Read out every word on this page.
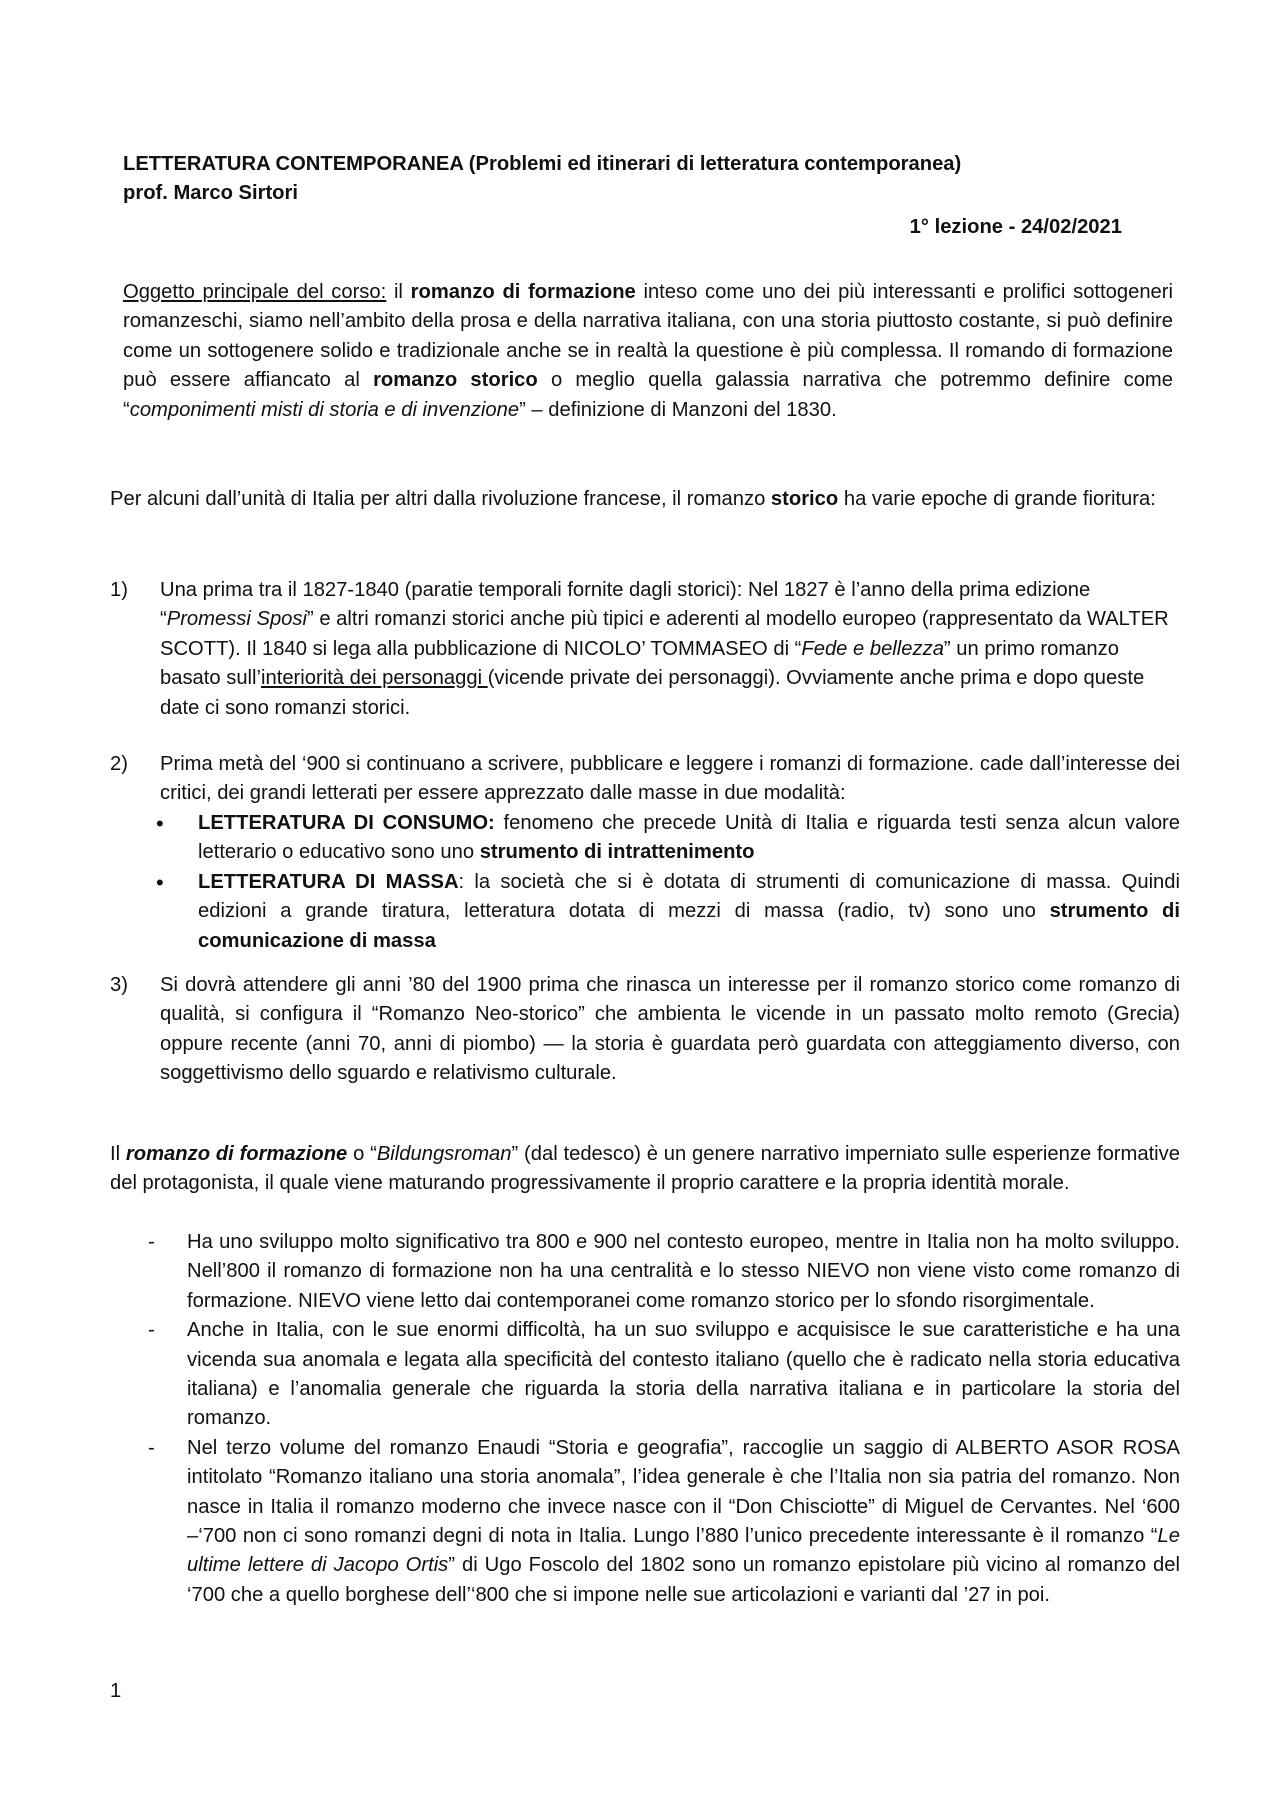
LETTERATURA CONTEMPORANEA (Problemi ed itinerari di letteratura contemporanea)
prof. Marco Sirtori
1° lezione - 24/02/2021

Oggetto principale del corso: il romanzo di formazione inteso come uno dei più interessanti e prolifici sottogeneri romanzeschi, siamo nell’ambito della prosa e della narrativa italiana, con una storia piuttosto costante, si può definire come un sottogenere solido e tradizionale anche se in realtà la questione è più complessa. Il romando di formazione può essere affiancato al romanzo storico o meglio quella galassia narrativa che potremmo definire come “componimenti misti di storia e di invenzione” – definizione di Manzoni del 1830.

Per alcuni dall’unità di Italia per altri dalla rivoluzione francese, il romanzo storico ha varie epoche di grande fioritura:

1)	Una prima tra il 1827-1840 (paratie temporali fornite dagli storici): Nel 1827 è l’anno della prima edizione “Promessi Sposi” e altri romanzi storici anche più tipici e aderenti al modello europeo (rappresentato da WALTER SCOTT). Il 1840 si lega alla pubblicazione di NICOLO’ TOMMASEO di “Fede e bellezza” un primo romanzo basato sull’interiorità dei personaggi (vicende private dei personaggi). Ovviamente anche prima e dopo queste date ci sono romanzi storici.

2)	Prima metà del ‘900 si continuano a scrivere, pubblicare e leggere i romanzi di formazione. cade dall’interesse dei critici, dei grandi letterati per essere apprezzato dalle masse in due modalità:

• LETTERATURA DI CONSUMO: fenomeno che precede Unità di Italia e riguarda testi senza alcun valore letterario o educativo sono uno strumento di intrattenimento
• LETTERATURA DI MASSA: la società che si è dotata di strumenti di comunicazione di massa. Quindi edizioni a grande tiratura, letteratura dotata di mezzi di massa (radio, tv) sono uno strumento di comunicazione di massa
3)	Si dovrà attendere gli anni ’80 del 1900 prima che rinasca un interesse per il romanzo storico come romanzo di qualità, si configura il “Romanzo Neo-storico” che ambienta le vicende in un passato molto remoto (Grecia) oppure recente (anni 70, anni di piombo) — la storia è guardata però guardata con atteggiamento diverso, con soggettivismo dello sguardo e relativismo culturale.

Il romanzo di formazione o “Bildungsroman” (dal tedesco) è un genere narrativo imperniato sulle esperienze formative del protagonista, il quale viene maturando progressivamente il proprio carattere e la propria identità morale.

- Ha uno sviluppo molto significativo tra 800 e 900 nel contesto europeo, mentre in Italia non ha molto sviluppo. Nell’800 il romanzo di formazione non ha una centralità e lo stesso NIEVO non viene visto come romanzo di formazione. NIEVO viene letto dai contemporanei come romanzo storico per lo sfondo risorgimentale.
- Anche in Italia, con le sue enormi difficoltà, ha un suo sviluppo e acquisisce le sue caratteristiche e ha una vicenda sua anomala e legata alla specificità del contesto italiano (quello che è radicato nella storia educativa italiana) e l’anomalia generale che riguarda la storia della narrativa italiana e in particolare la storia del romanzo.
- Nel terzo volume del romanzo Enaudi “Storia e geografia”, raccoglie un saggio di ALBERTO ASOR ROSA intitolato “Romanzo italiano una storia anomala”, l’idea generale è che l’Italia non sia patria del romanzo. Non nasce in Italia il romanzo moderno che invece nasce con il “Don Chisciotte” di Miguel de Cervantes. Nel ‘600 –‘700 non ci sono romanzi degni di nota in Italia. Lungo l’880 l’unico precedente interessante è il romanzo “Le ultime lettere di Jacopo Ortis” di Ugo Foscolo del 1802 sono un romanzo epistolare più vicino al romanzo del ‘700 che a quello borghese dell’‘800 che si impone nelle sue articolazioni e varianti dal ’27 in poi.
1
